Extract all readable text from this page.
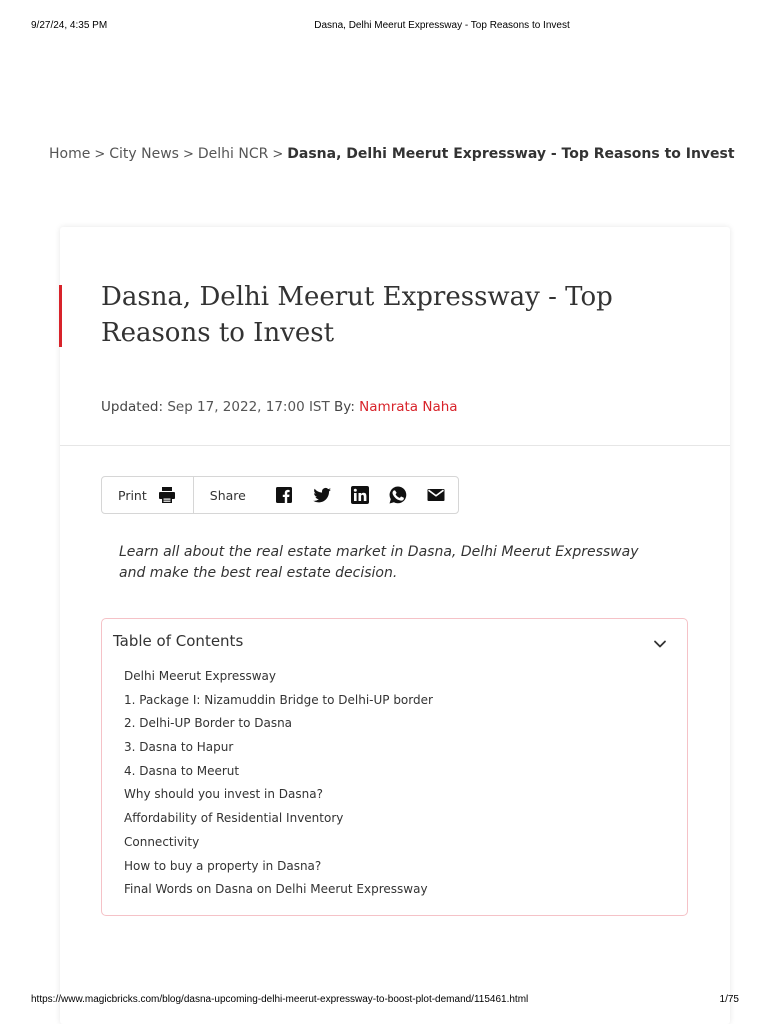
9/27/24, 4:35 PM	Dasna, Delhi Meerut Expressway - Top Reasons to Invest
Home > City News > Delhi NCR > Dasna, Delhi Meerut Expressway - Top Reasons to Invest
Dasna, Delhi Meerut Expressway - Top Reasons to Invest
Updated: Sep 17, 2022, 17:00 IST By: Namrata Naha
Print	Share

Learn all about the real estate market in Dasna, Delhi Meerut Expressway and make the best real estate decision.

Table of Contents
Delhi Meerut Expressway
1. Package I: Nizamuddin Bridge to Delhi-UP border
2. Delhi-UP Border to Dasna
3. Dasna to Hapur
4. Dasna to Meerut
Why should you invest in Dasna?
Affordability of Residential Inventory
Connectivity
How to buy a property in Dasna?
Final Words on Dasna on Delhi Meerut Expressway
https://www.magicbricks.com/blog/dasna-upcoming-delhi-meerut-expressway-to-boost-plot-demand/115461.html	1/75
